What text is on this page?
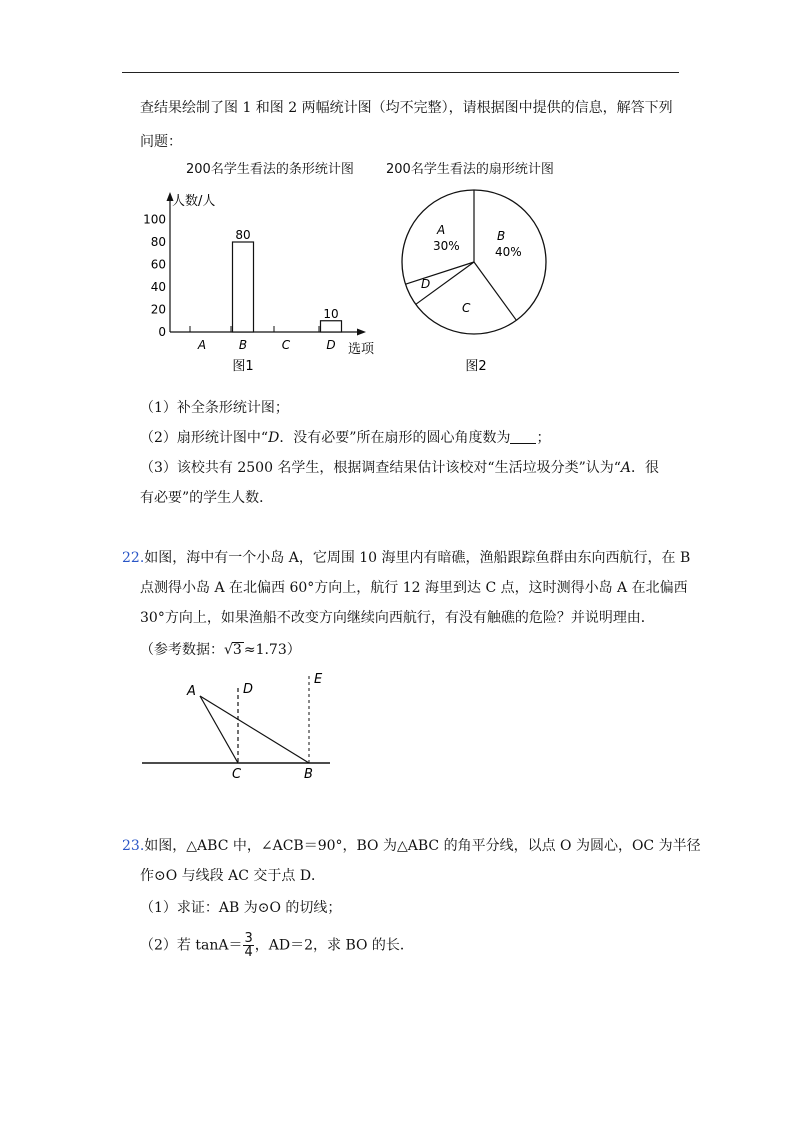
查结果绘制了图 1 和图 2 两幅统计图（均不完整），请根据图中提供的信息，解答下列
问题：
200名学生看法的条形统计图 200名学生看法的扇形统计图
0
20
40
60
80
100
人数/人
选项
A	B
80
C	D
10
图1
A
30%
B
40%
C
D
图2
（1）补全条形统计图；
（2）扇形统计图中“D．没有必要”所在扇形的圆心角度数为 ；
（3）该校共有 2500 名学生，根据调查结果估计该校对“生活垃圾分类”认为“A．很
有必要”的学生人数．
22.如图，海中有一个小岛 A，它周围 10 海里内有暗礁，渔船跟踪鱼群由东向西航行，在 B
点测得小岛 A 在北偏西 60°方向上，航行 12 海里到达 C 点，这时测得小岛 A 在北偏西
30°方向上，如果渔船不改变方向继续向西航行，有没有触礁的危险？并说明理由．
（参考数据：√3 ≈1.73）
A	D
E
C	B
23.如图，△ABC 中，∠ACB＝90°，BO 为△ABC 的角平分线，以点 O 为圆心，OC 为半径
作⊙O 与线段 AC 交于点 D．
（1）求证：AB 为⊙O 的切线；
（2）若 $\tan A= \frac{3}{4}$ ，AD＝2，求 BO 的长．
